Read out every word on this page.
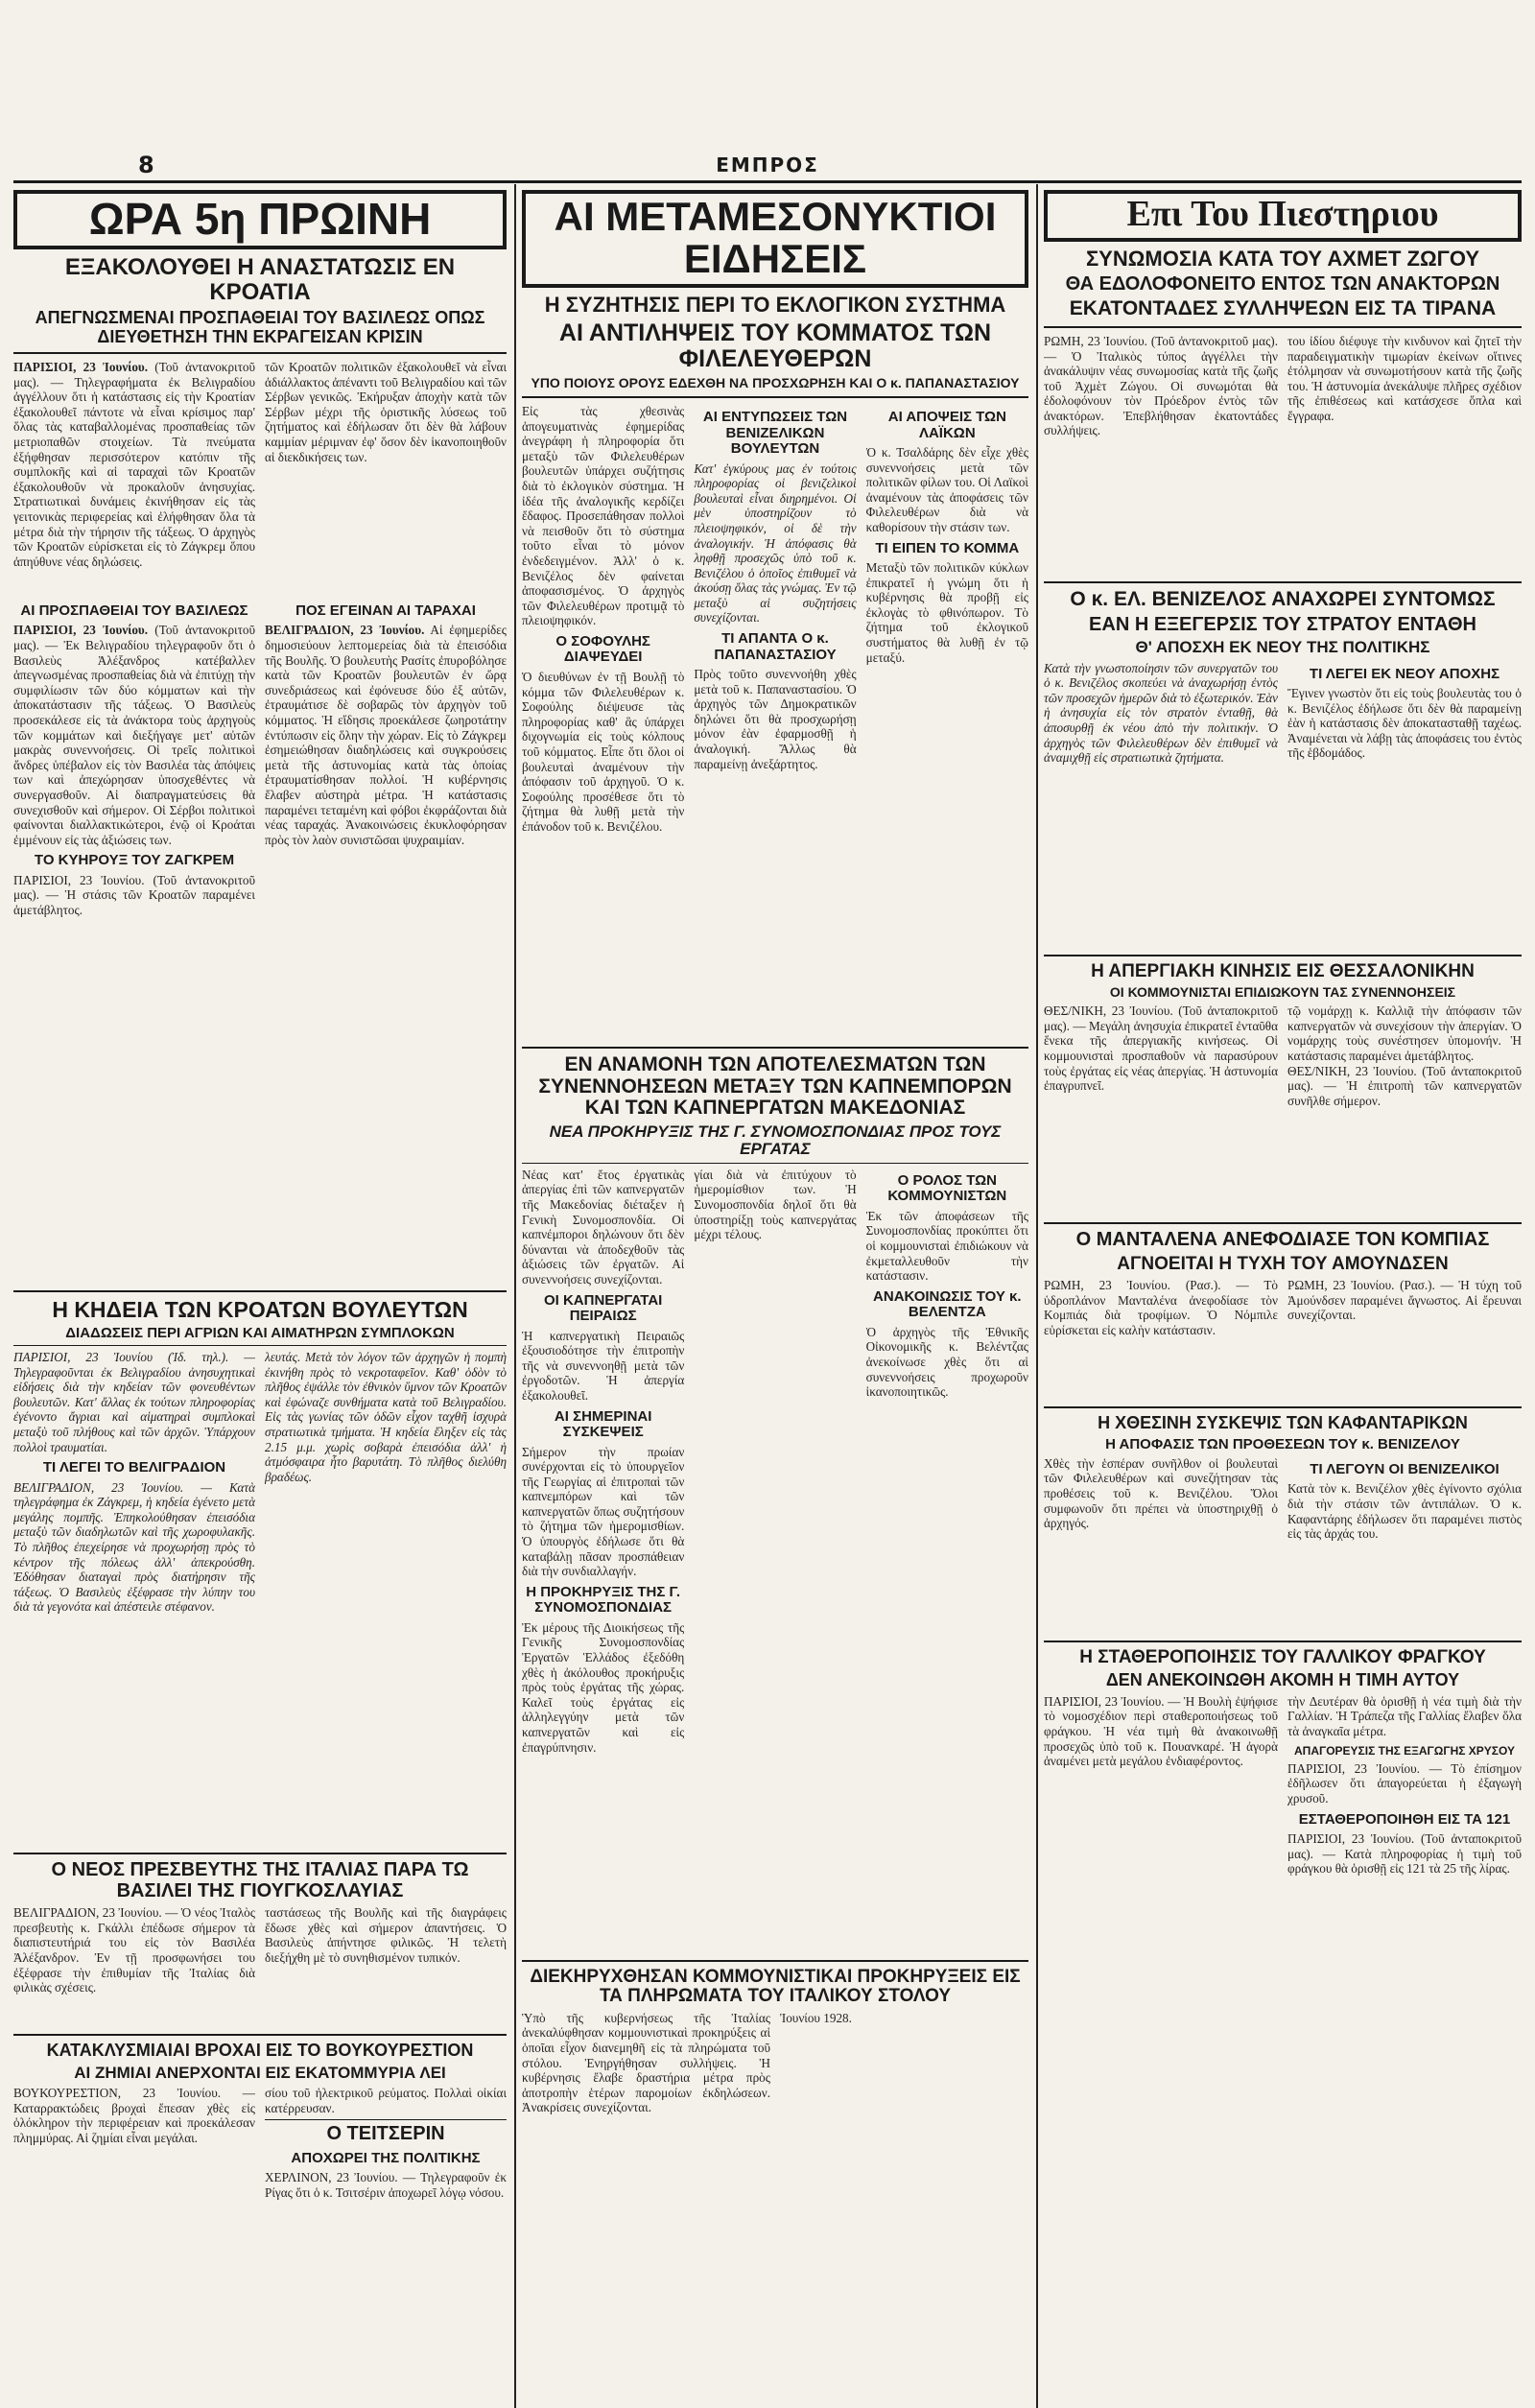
8	ΕΜΠΡΟΣ
ΩΡΑ 5η ΠΡΩΙΝΗ
ΕΞΑΚΟΛΟΥΘΕΙ Η ΑΝΑΣΤΑΤΩΣΙΣ ΕΝ ΚΡΟΑΤΙΑ
ΑΠΕΓΝΩΣΜΕΝΑΙ ΠΡΟΣΠΑΘΕΙΑΙ ΤΟΥ ΒΑΣΙΛΕΩΣ ΟΠΩΣ ΔΙΕΥΘΕΤΗΣΗ ΤΗΝ ΕΚΡΑΓΕΙΣΑΝ ΚΡΙΣΙΝ

ΠΑΡΙΣΙΟΙ, 23 Ἰουνίου. (Τοῦ ἀντανοκριτοῦ μας). — Τηλεγραφήματα ἐκ Βελιγραδίου ἀγγέλλουν ὅτι ἡ κατάστασις εἰς τὴν Κροατίαν ἐξακολουθεῖ πάντοτε νὰ εἶναι κρίσιμος παρ' ὅλας τὰς καταβαλλομένας προσπαθείας τῶν μετριοπαθῶν στοιχείων. Τὰ πνεύματα ἐξήφθησαν περισσότερον κατόπιν τῆς συμπλοκῆς καὶ αἱ ταραχαὶ τῶν Κροατῶν ἐξακολουθοῦν νὰ προκαλοῦν ἀνησυχίας. Στρατιωτικαὶ δυνάμεις ἐκινήθησαν εἰς τὰς γειτονικὰς περιφερείας καὶ ἐλήφθησαν ὅλα τὰ μέτρα διὰ τὴν τήρησιν τῆς τάξεως. Ὁ ἀρχηγὸς τῶν Κροατῶν εὑρίσκεται εἰς τὸ Ζάγκρεμ ὅπου ἀπηύθυνε νέας δηλώσεις.

τῶν Κροατῶν πολιτικῶν ἐξακολουθεῖ νὰ εἶναι ἀδιάλλακτος ἀπέναντι τοῦ Βελιγραδίου καὶ τῶν Σέρβων γενικῶς. Ἐκήρυξαν ἀποχὴν κατὰ τῶν Σέρβων μέχρι τῆς ὁριστικῆς λύσεως τοῦ ζητήματος καὶ ἐδήλωσαν ὅτι δὲν θὰ λάβουν καμμίαν μέριμναν ἐφ' ὅσον δὲν ἱκανοποιηθοῦν αἱ διεκδικήσεις των.

ΑΙ ΠΡΟΣΠΑΘΕΙΑΙ ΤΟΥ ΒΑΣΙΛΕΩΣ

ΠΑΡΙΣΙΟΙ, 23 Ἰουνίου. (Τοῦ ἀντανοκριτοῦ μας). — Ἐκ Βελιγραδίου τηλεγραφοῦν ὅτι ὁ Βασιλεὺς Ἀλέξανδρος κατέβαλλεν ἀπεγνωσμένας προσπαθείας διὰ νὰ ἐπιτύχῃ τὴν συμφιλίωσιν τῶν δύο κόμματων καὶ τὴν ἀποκατάστασιν τῆς τάξεως. Ὁ Βασιλεὺς προσεκάλεσε εἰς τὰ ἀνάκτορα τοὺς ἀρχηγοὺς τῶν κομμάτων καὶ διεξήγαγε μετ' αὐτῶν μακρὰς συνεννοήσεις. Οἱ τρεῖς πολιτικοὶ ἄνδρες ὑπέβαλον εἰς τὸν Βασιλέα τὰς ἀπόψεις των καὶ ἀπεχώρησαν ὑποσχεθέντες νὰ συνεργασθοῦν. Αἱ διαπραγματεύσεις θὰ συνεχισθοῦν καὶ σήμερον. Οἱ Σέρβοι πολιτικοὶ φαίνονται διαλλακτικώτεροι, ἐνῷ οἱ Κροάται ἐμμένουν εἰς τὰς ἀξιώσεις των.

ΤΟ ΚΥΗΡΟΥΞ ΤΟΥ ΖΑΓΚΡΕΜ

ΠΑΡΙΣΙΟΙ, 23 Ἰουνίου. (Τοῦ ἀντανοκριτοῦ μας). — Ἡ στάσις τῶν Κροατῶν παραμένει ἀμετάβλητος.

ΠΟΣ ΕΓΕΙΝΑΝ ΑΙ ΤΑΡΑΧΑΙ

ΒΕΛΙΓΡΑΔΙΟΝ, 23 Ἰουνίου. Αἱ ἐφημερίδες δημοσιεύουν λεπτομερείας διὰ τὰ ἐπεισόδια τῆς Βουλῆς. Ὁ βουλευτὴς Ρασίτς ἐπυροβόλησε κατὰ τῶν Κροατῶν βουλευτῶν ἐν ὥρᾳ συνεδριάσεως καὶ ἐφόνευσε δύο ἐξ αὐτῶν, ἐτραυμάτισε δὲ σοβαρῶς τὸν ἀρχηγὸν τοῦ κόμματος. Ἡ εἴδησις προεκάλεσε ζωηροτάτην ἐντύπωσιν εἰς ὅλην τὴν χώραν. Εἰς τὸ Ζάγκρεμ ἐσημειώθησαν διαδηλώσεις καὶ συγκρούσεις μετὰ τῆς ἀστυνομίας κατὰ τὰς ὁποίας ἐτραυματίσθησαν πολλοί. Ἡ κυβέρνησις ἔλαβεν αὐστηρὰ μέτρα. Ἡ κατάστασις παραμένει τεταμένη καὶ φόβοι ἐκφράζονται διὰ νέας ταραχάς. Ἀνακοινώσεις ἐκυκλοφόρησαν πρὸς τὸν λαὸν συνιστῶσαι ψυχραιμίαν.

Η ΚΗΔΕΙΑ ΤΩΝ ΚΡΟΑΤΩΝ ΒΟΥΛΕΥΤΩΝ
ΔΙΑΔΩΣΕΙΣ ΠΕΡΙ ΑΓΡΙΩΝ ΚΑΙ ΑΙΜΑΤΗΡΩΝ ΣΥΜΠΛΟΚΩΝ

ΠΑΡΙΣΙΟΙ, 23 Ἰουνίου (Ἰδ. τηλ.). — Τηλεγραφοῦνται ἐκ Βελιγραδίου ἀνησυχητικαὶ εἰδήσεις διὰ τὴν κηδείαν τῶν φονευθέντων βουλευτῶν. Κατ' ἄλλας ἐκ τούτων πληροφορίας ἐγένοντο ἄγριαι καὶ αἱματηραὶ συμπλοκαὶ μεταξὺ τοῦ πλήθους καὶ τῶν ἀρχῶν. Ὑπάρχουν πολλοὶ τραυματίαι.

ΤΙ ΛΕΓΕΙ ΤΟ ΒΕΛΙΓΡΑΔΙΟΝ

ΒΕΛΙΓΡΑΔΙΟΝ, 23 Ἰουνίου. — Κατὰ τηλεγράφημα ἐκ Ζάγκρεμ, ἡ κηδεία ἐγένετο μετὰ μεγάλης πομπῆς. Ἐπηκολούθησαν ἐπεισόδια μεταξὺ τῶν διαδηλωτῶν καὶ τῆς χωροφυλακῆς. Τὸ πλῆθος ἐπεχείρησε νὰ προχωρήσῃ πρὸς τὸ κέντρον τῆς πόλεως ἀλλ' ἀπεκρούσθη. Ἐδόθησαν διαταγαὶ πρὸς διατήρησιν τῆς τάξεως. Ὁ Βασιλεὺς ἐξέφρασε τὴν λύπην του διὰ τὰ γεγονότα καὶ ἀπέστειλε στέφανον.

λευτάς. Μετὰ τὸν λόγον τῶν ἀρχηγῶν ἡ πομπὴ ἐκινήθη πρὸς τὸ νεκροταφεῖον. Καθ' ὁδὸν τὸ πλῆθος ἐψάλλε τὸν ἐθνικὸν ὕμνον τῶν Κροατῶν καὶ ἐφώναζε συνθήματα κατὰ τοῦ Βελιγραδίου. Εἰς τὰς γωνίας τῶν ὁδῶν εἶχον ταχθῆ ἰσχυρὰ στρατιωτικὰ τμήματα. Ἡ κηδεία ἔληξεν εἰς τὰς 2.15 μ.μ. χωρὶς σοβαρὰ ἐπεισόδια ἀλλ' ἡ ἀτμόσφαιρα ἦτο βαρυτάτη. Τὸ πλῆθος διελύθη βραδέως.

Ο ΝΕΟΣ ΠΡΕΣΒΕΥΤΗΣ ΤΗΣ ΙΤΑΛΙΑΣ ΠΑΡΑ ΤΩ ΒΑΣΙΛΕΙ ΤΗΣ ΓΙΟΥΓΚΟΣΛΑΥΙΑΣ

ΒΕΛΙΓΡΑΔΙΟΝ, 23 Ἰουνίου. — Ὁ νέος Ἰταλὸς πρεσβευτὴς κ. Γκάλλι ἐπέδωσε σήμερον τὰ διαπιστευτήριά του εἰς τὸν Βασιλέα Ἀλέξανδρον. Ἐν τῇ προσφωνήσει του ἐξέφρασε τὴν ἐπιθυμίαν τῆς Ἰταλίας διὰ φιλικὰς σχέσεις.

ταστάσεως τῆς Βουλῆς καὶ τῆς διαγράφεις ἔδωσε χθὲς καὶ σήμερον ἀπαντήσεις. Ὁ Βασιλεὺς ἀπήντησε φιλικῶς. Ἡ τελετὴ διεξήχθη μὲ τὸ συνηθισμένον τυπικόν.

ΚΑΤΑΚΛΥΣΜΙΑΙΑΙ ΒΡΟΧΑΙ ΕΙΣ ΤΟ ΒΟΥΚΟΥΡΕΣΤΙΟΝ
ΑΙ ΖΗΜΙΑΙ ΑΝΕΡΧΟΝΤΑΙ ΕΙΣ ΕΚΑΤΟΜΜΥΡΙΑ ΛΕΙ

ΒΟΥΚΟΥΡΕΣΤΙΟΝ, 23 Ἰουνίου. — Καταρρακτώδεις βροχαὶ ἔπεσαν χθὲς εἰς ὁλόκληρον τὴν περιφέρειαν καὶ προεκάλεσαν πλημμύρας. Αἱ ζημίαι εἶναι μεγάλαι.

σίου τοῦ ἠλεκτρικοῦ ρεύματος. Πολλαὶ οἰκίαι κατέρρευσαν.

Ο ΤΕΙΤΣΕΡΙΝ
ΑΠΟΧΩΡΕΙ ΤΗΣ ΠΟΛΙΤΙΚΗΣ

ΧΕΡΛΙΝΟΝ, 23 Ἰουνίου. — Τηλεγραφοῦν ἐκ Ρίγας ὅτι ὁ κ. Τσιτσέριν ἀποχωρεῖ λόγῳ νόσου.

ΑΙ ΜΕΤΑΜΕΣΟΝΥΚΤΙΟΙ ΕΙΔΗΣΕΙΣ
Η ΣΥΖΗΤΗΣΙΣ ΠΕΡΙ ΤΟ ΕΚΛΟΓΙΚΟΝ ΣΥΣΤΗΜΑ
ΑΙ ΑΝΤΙΛΗΨΕΙΣ ΤΟΥ ΚΟΜΜΑΤΟΣ ΤΩΝ ΦΙΛΕΛΕΥΘΕΡΩΝ
ΥΠΟ ΠΟΙΟΥΣ ΟΡΟΥΣ ΕΔΕΧΘΗ ΝΑ ΠΡΟΣΧΩΡΗΣΗ ΚΑΙ Ο κ. ΠΑΠΑΝΑΣΤΑΣΙΟΥ

Εἰς τὰς χθεσινὰς ἀπογευματινὰς ἐφημερίδας ἀνεγράφη ἡ πληροφορία ὅτι μεταξὺ τῶν Φιλελευθέρων βουλευτῶν ὑπάρχει συζήτησις διὰ τὸ ἐκλογικὸν σύστημα. Ἡ ἰδέα τῆς ἀναλογικῆς κερδίζει ἔδαφος. Προσεπάθησαν πολλοὶ νὰ πεισθοῦν ὅτι τὸ σύστημα τοῦτο εἶναι τὸ μόνον ἐνδεδειγμένον. Ἀλλ' ὁ κ. Βενιζέλος δὲν φαίνεται ἀποφασισμένος. Ὁ ἀρχηγὸς τῶν Φιλελευθέρων προτιμᾷ τὸ πλειοψηφικόν.

Ο ΣΟΦΟΥΛΗΣ ΔΙΑΨΕΥΔΕΙ

Ὁ διευθύνων ἐν τῇ Βουλῇ τὸ κόμμα τῶν Φιλελευθέρων κ. Σοφούλης διέψευσε τὰς πληροφορίας καθ' ἃς ὑπάρχει διχογνωμία εἰς τοὺς κόλπους τοῦ κόμματος. Εἶπε ὅτι ὅλοι οἱ βουλευταὶ ἀναμένουν τὴν ἀπόφασιν τοῦ ἀρχηγοῦ. Ὁ κ. Σοφούλης προσέθεσε ὅτι τὸ ζήτημα θὰ λυθῇ μετὰ τὴν ἐπάνοδον τοῦ κ. Βενιζέλου.

ΑΙ ΕΝΤΥΠΩΣΕΙΣ ΤΩΝ ΒΕΝΙΖΕΛΙΚΩΝ ΒΟΥΛΕΥΤΩΝ

Κατ' ἐγκύρους μας ἐν τούτοις πληροφορίας οἱ βενιζελικοὶ βουλευταὶ εἶναι διηρημένοι. Οἱ μὲν ὑποστηρίζουν τὸ πλειοψηφικόν, οἱ δὲ τὴν ἀναλογικήν. Ἡ ἀπόφασις θὰ ληφθῇ προσεχῶς ὑπὸ τοῦ κ. Βενιζέλου ὁ ὁποῖος ἐπιθυμεῖ νὰ ἀκούσῃ ὅλας τὰς γνώμας. Ἐν τῷ μεταξὺ αἱ συζητήσεις συνεχίζονται.

ΤΙ ΑΠΑΝΤΑ Ο κ. ΠΑΠΑΝΑΣΤΑΣΙΟΥ

Πρὸς τοῦτο συνεννοήθη χθὲς μετὰ τοῦ κ. Παπαναστασίου. Ὁ ἀρχηγὸς τῶν Δημοκρατικῶν δηλώνει ὅτι θὰ προσχωρήσῃ μόνον ἐὰν ἐφαρμοσθῇ ἡ ἀναλογική. Ἄλλως θὰ παραμείνῃ ἀνεξάρτητος.

ΑΙ ΑΠΟΨΕΙΣ ΤΩΝ ΛΑΪΚΩΝ

Ὁ κ. Τσαλδάρης δὲν εἶχε χθὲς συνεννοήσεις μετὰ τῶν πολιτικῶν φίλων του. Οἱ Λαϊκοὶ ἀναμένουν τὰς ἀποφάσεις τῶν Φιλελευθέρων διὰ νὰ καθορίσουν τὴν στάσιν των.

ΤΙ ΕΙΠΕΝ ΤΟ ΚΟΜΜΑ

Μεταξὺ τῶν πολιτικῶν κύκλων ἐπικρατεῖ ἡ γνώμη ὅτι ἡ κυβέρνησις θὰ προβῇ εἰς ἐκλογὰς τὸ φθινόπωρον. Τὸ ζήτημα τοῦ ἐκλογικοῦ συστήματος θὰ λυθῇ ἐν τῷ μεταξύ.

ΕΝ ΑΝΑΜΟΝΗ ΤΩΝ ΑΠΟΤΕΛΕΣΜΑΤΩΝ ΤΩΝ ΣΥΝΕΝΝΟΗΣΕΩΝ ΜΕΤΑΞΥ ΤΩΝ ΚΑΠΝΕΜΠΟΡΩΝ ΚΑΙ ΤΩΝ ΚΑΠΝΕΡΓΑΤΩΝ ΜΑΚΕΔΟΝΙΑΣ
ΝΕΑ ΠΡΟΚΗΡΥΞΙΣ ΤΗΣ Γ. ΣΥΝΟΜΟΣΠΟΝΔΙΑΣ ΠΡΟΣ ΤΟΥΣ ΕΡΓΑΤΑΣ

Νέας κατ' ἔτος ἐργατικὰς ἀπεργίας ἐπὶ τῶν καπνεργατῶν τῆς Μακεδονίας διέταξεν ἡ Γενικὴ Συνομοσπονδία. Οἱ καπνέμποροι δηλώνουν ὅτι δὲν δύνανται νὰ ἀποδεχθοῦν τὰς ἀξιώσεις τῶν ἐργατῶν. Αἱ συνεννοήσεις συνεχίζονται.

ΟΙ ΚΑΠΝΕΡΓΑΤΑΙ ΠΕΙΡΑΙΩΣ

Ἡ καπνεργατικὴ Πειραιῶς ἐξουσιοδότησε τὴν ἐπιτροπὴν τῆς νὰ συνεννοηθῇ μετὰ τῶν ἐργοδοτῶν. Ἡ ἀπεργία ἐξακολουθεῖ.

ΑΙ ΣΗΜΕΡΙΝΑΙ ΣΥΣΚΕΨΕΙΣ

Σήμερον τὴν πρωίαν συνέρχονται εἰς τὸ ὑπουργεῖον τῆς Γεωργίας αἱ ἐπιτροπαὶ τῶν καπνεμπόρων καὶ τῶν καπνεργατῶν ὅπως συζητήσουν τὸ ζήτημα τῶν ἡμερομισθίων. Ὁ ὑπουργὸς ἐδήλωσε ὅτι θὰ καταβάλῃ πᾶσαν προσπάθειαν διὰ τὴν συνδιαλλαγήν.

Η ΠΡΟΚΗΡΥΞΙΣ ΤΗΣ Γ. ΣΥΝΟΜΟΣΠΟΝΔΙΑΣ

Ἐκ μέρους τῆς Διοικήσεως τῆς Γενικῆς Συνομοσπονδίας Ἐργατῶν Ἑλλάδος ἐξεδόθη χθὲς ἡ ἀκόλουθος προκήρυξις πρὸς τοὺς ἐργάτας τῆς χώρας. Καλεῖ τοὺς ἐργάτας εἰς ἀλληλεγγύην μετὰ τῶν καπνεργατῶν καὶ εἰς ἐπαγρύπνησιν.

γίαι διὰ νὰ ἐπιτύχουν τὸ ἡμερομίσθιον των. Ἡ Συνομοσπονδία δηλοῖ ὅτι θὰ ὑποστηρίξῃ τοὺς καπνεργάτας μέχρι τέλους.

Ο ΡΟΛΟΣ ΤΩΝ ΚΟΜΜΟΥΝΙΣΤΩΝ

Ἐκ τῶν ἀποφάσεων τῆς Συνομοσπονδίας προκύπτει ὅτι οἱ κομμουνισταὶ ἐπιδιώκουν νὰ ἐκμεταλλευθοῦν τὴν κατάστασιν.

ΑΝΑΚΟΙΝΩΣΙΣ ΤΟΥ κ. ΒΕΛΕΝΤΖΑ

Ὁ ἀρχηγὸς τῆς Ἐθνικῆς Οἰκονομικῆς κ. Βελέντζας ἀνεκοίνωσε χθὲς ὅτι αἱ συνεννοήσεις προχωροῦν ἱκανοποιητικῶς.

ΔΙΕΚΗΡΥΧΘΗΣΑΝ ΚΟΜΜΟΥΝΙΣΤΙΚΑΙ ΠΡΟΚΗΡΥΞΕΙΣ ΕΙΣ ΤΑ ΠΛΗΡΩΜΑΤΑ ΤΟΥ ΙΤΑΛΙΚΟΥ ΣΤΟΛΟΥ

Ὑπὸ τῆς κυβερνήσεως τῆς Ἰταλίας ἀνεκαλύφθησαν κομμουνιστικαὶ προκηρύξεις αἱ ὁποῖαι εἶχον διανεμηθῆ εἰς τὰ πληρώματα τοῦ στόλου. Ἐνηργήθησαν συλλήψεις. Ἡ κυβέρνησις ἔλαβε δραστήρια μέτρα πρὸς ἀποτροπὴν ἑτέρων παρομοίων ἐκδηλώσεων. Ἀνακρίσεις συνεχίζονται.

Ἰουνίου 1928.

Επι Του Πιεστηριου
ΣΥΝΩΜΟΣΙΑ ΚΑΤΑ ΤΟΥ ΑΧΜΕΤ ΖΩΓΟΥ
ΘΑ ΕΔΟΛΟΦΟΝΕΙΤΟ ΕΝΤΟΣ ΤΩΝ ΑΝΑΚΤΟΡΩΝ
ΕΚΑΤΟΝΤΑΔΕΣ ΣΥΛΛΗΨΕΩΝ ΕΙΣ ΤΑ ΤΙΡΑΝΑ

ΡΩΜΗ, 23 Ἰουνίου. (Τοῦ ἀντανοκριτοῦ μας). — Ὁ Ἰταλικὸς τύπος ἀγγέλλει τὴν ἀνακάλυψιν νέας συνωμοσίας κατὰ τῆς ζωῆς τοῦ Ἀχμὲτ Ζώγου. Οἱ συνωμόται θὰ ἐδολοφόνουν τὸν Πρόεδρον ἐντὸς τῶν ἀνακτόρων. Ἐπεβλήθησαν ἑκατοντάδες συλλήψεις.

του ἰδίου διέφυγε τὴν κινδυνον καὶ ζητεῖ τὴν παραδειγματικὴν τιμωρίαν ἐκείνων οἵτινες ἐτόλμησαν νὰ συνωμοτήσουν κατὰ τῆς ζωῆς του. Ἡ ἀστυνομία ἀνεκάλυψε πλῆρες σχέδιον τῆς ἐπιθέσεως καὶ κατάσχεσε ὅπλα καὶ ἔγγραφα.

Ο κ. ΕΛ. ΒΕΝΙΖΕΛΟΣ ΑΝΑΧΩΡΕΙ ΣΥΝΤΟΜΩΣ
ΕΑΝ Η ΕΞΕΓΕΡΣΙΣ ΤΟΥ ΣΤΡΑΤΟΥ ΕΝΤΑΘΗ
Θ' ΑΠΟΣΧΗ ΕΚ ΝΕΟΥ ΤΗΣ ΠΟΛΙΤΙΚΗΣ

Κατὰ τὴν γνωστοποίησιν τῶν συνεργατῶν του ὁ κ. Βενιζέλος σκοπεύει νὰ ἀναχωρήσῃ ἐντὸς τῶν προσεχῶν ἡμερῶν διὰ τὸ ἐξωτερικόν. Ἐὰν ἡ ἀνησυχία εἰς τὸν στρατὸν ἐνταθῇ, θὰ ἀποσυρθῇ ἐκ νέου ἀπὸ τὴν πολιτικήν. Ὁ ἀρχηγὸς τῶν Φιλελευθέρων δὲν ἐπιθυμεῖ νὰ ἀναμιχθῇ εἰς στρατιωτικὰ ζητήματα.

ΤΙ ΛΕΓΕΙ ΕΚ ΝΕΟΥ ΑΠΟΧΗΣ

Ἔγινεν γνωστὸν ὅτι εἰς τοὺς βουλευτὰς του ὁ κ. Βενιζέλος ἐδήλωσε ὅτι δὲν θὰ παραμείνῃ ἐὰν ἡ κατάστασις δὲν ἀποκατασταθῇ ταχέως. Ἀναμένεται νὰ λάβῃ τὰς ἀποφάσεις του ἐντὸς τῆς ἑβδομάδος.

Η ΑΠΕΡΓΙΑΚΗ ΚΙΝΗΣΙΣ ΕΙΣ ΘΕΣΣΑΛΟΝΙΚΗΝ
ΟΙ ΚΟΜΜΟΥΝΙΣΤΑΙ ΕΠΙΔΙΩΚΟΥΝ ΤΑΣ ΣΥΝΕΝΝΟΗΣΕΙΣ

ΘΕΣ/ΝΙΚΗ, 23 Ἰουνίου. (Τοῦ ἀνταποκριτοῦ μας). — Μεγάλη ἀνησυχία ἐπικρατεῖ ἐνταῦθα ἕνεκα τῆς ἀπεργιακῆς κινήσεως. Οἱ κομμουνισταὶ προσπαθοῦν νὰ παρασύρουν τοὺς ἐργάτας εἰς νέας ἀπεργίας. Ἡ ἀστυνομία ἐπαγρυπνεῖ.

τῷ νομάρχῃ κ. Καλλιᾷ τὴν ἀπόφασιν τῶν καπνεργατῶν νὰ συνεχίσουν τὴν ἀπεργίαν. Ὁ νομάρχης τοὺς συνέστησεν ὑπομονήν. Ἡ κατάστασις παραμένει ἀμετάβλητος.

ΘΕΣ/ΝΙΚΗ, 23 Ἰουνίου. (Τοῦ ἀνταποκριτοῦ μας). — Ἡ ἐπιτροπὴ τῶν καπνεργατῶν συνῆλθε σήμερον.

Ο ΜΑΝΤΑΛΕΝΑ ΑΝΕΦΟΔΙΑΣΕ ΤΟΝ ΚΟΜΠΙΑΣ
ΑΓΝΟΕΙΤΑΙ Η ΤΥΧΗ ΤΟΥ ΑΜΟΥΝΔΣΕΝ

ΡΩΜΗ, 23 Ἰουνίου. (Ρασ.). — Τὸ ὑδροπλάνον Μανταλένα ἀνεφοδίασε τὸν Κομπιάς διὰ τροφίμων. Ὁ Νόμπιλε εὑρίσκεται εἰς καλὴν κατάστασιν.

ΡΩΜΗ, 23 Ἰουνίου. (Ρασ.). — Ἡ τύχη τοῦ Ἀμούνδσεν παραμένει ἄγνωστος. Αἱ ἔρευναι συνεχίζονται.

Η ΧΘΕΣΙΝΗ ΣΥΣΚΕΨΙΣ ΤΩΝ ΚΑΦΑΝΤΑΡΙΚΩΝ
Η ΑΠΟΦΑΣΙΣ ΤΩΝ ΠΡΟΘΕΣΕΩΝ ΤΟΥ κ. ΒΕΝΙΖΕΛΟΥ

Χθὲς τὴν ἑσπέραν συνῆλθον οἱ βουλευταὶ τῶν Φιλελευθέρων καὶ συνεζήτησαν τὰς προθέσεις τοῦ κ. Βενιζέλου. Ὅλοι συμφωνοῦν ὅτι πρέπει νὰ ὑποστηριχθῇ ὁ ἀρχηγός.

ΤΙ ΛΕΓΟΥΝ ΟΙ ΒΕΝΙΖΕΛΙΚΟΙ

Κατὰ τὸν κ. Βενιζέλον χθὲς ἐγίνοντο σχόλια διὰ τὴν στάσιν τῶν ἀντιπάλων. Ὁ κ. Καφαντάρης ἐδήλωσεν ὅτι παραμένει πιστὸς εἰς τὰς ἀρχάς του.

Η ΣΤΑΘΕΡΟΠΟΙΗΣΙΣ ΤΟΥ ΓΑΛΛΙΚΟΥ ΦΡΑΓΚΟΥ
ΔΕΝ ΑΝΕΚΟΙΝΩΘΗ ΑΚΟΜΗ Η ΤΙΜΗ ΑΥΤΟΥ

ΠΑΡΙΣΙΟΙ, 23 Ἰουνίου. — Ἡ Βουλὴ ἐψήφισε τὸ νομοσχέδιον περὶ σταθεροποιήσεως τοῦ φράγκου. Ἡ νέα τιμὴ θὰ ἀνακοινωθῇ προσεχῶς ὑπὸ τοῦ κ. Πουανκαρέ. Ἡ ἀγορὰ ἀναμένει μετὰ μεγάλου ἐνδιαφέροντος.

τὴν Δευτέραν θὰ ὁρισθῇ ἡ νέα τιμὴ διὰ τὴν Γαλλίαν. Ἡ Τράπεζα τῆς Γαλλίας ἔλαβεν ὅλα τὰ ἀναγκαῖα μέτρα.

ΑΠΑΓΟΡΕΥΣΙΣ ΤΗΣ ΕΞΑΓΩΓΗΣ ΧΡΥΣΟΥ

ΠΑΡΙΣΙΟΙ, 23 Ἰουνίου. — Τὸ ἐπίσημον ἐδῆλωσεν ὅτι ἀπαγορεύεται ἡ ἐξαγωγὴ χρυσοῦ.

ΕΣΤΑΘΕΡΟΠΟΙΗΘΗ ΕΙΣ ΤΑ 121

ΠΑΡΙΣΙΟΙ, 23 Ἰουνίου. (Τοῦ ἀνταποκριτοῦ μας). — Κατὰ πληροφορίας ἡ τιμὴ τοῦ φράγκου θὰ ὁρισθῇ εἰς 121 τὰ 25 τῆς λίρας.
